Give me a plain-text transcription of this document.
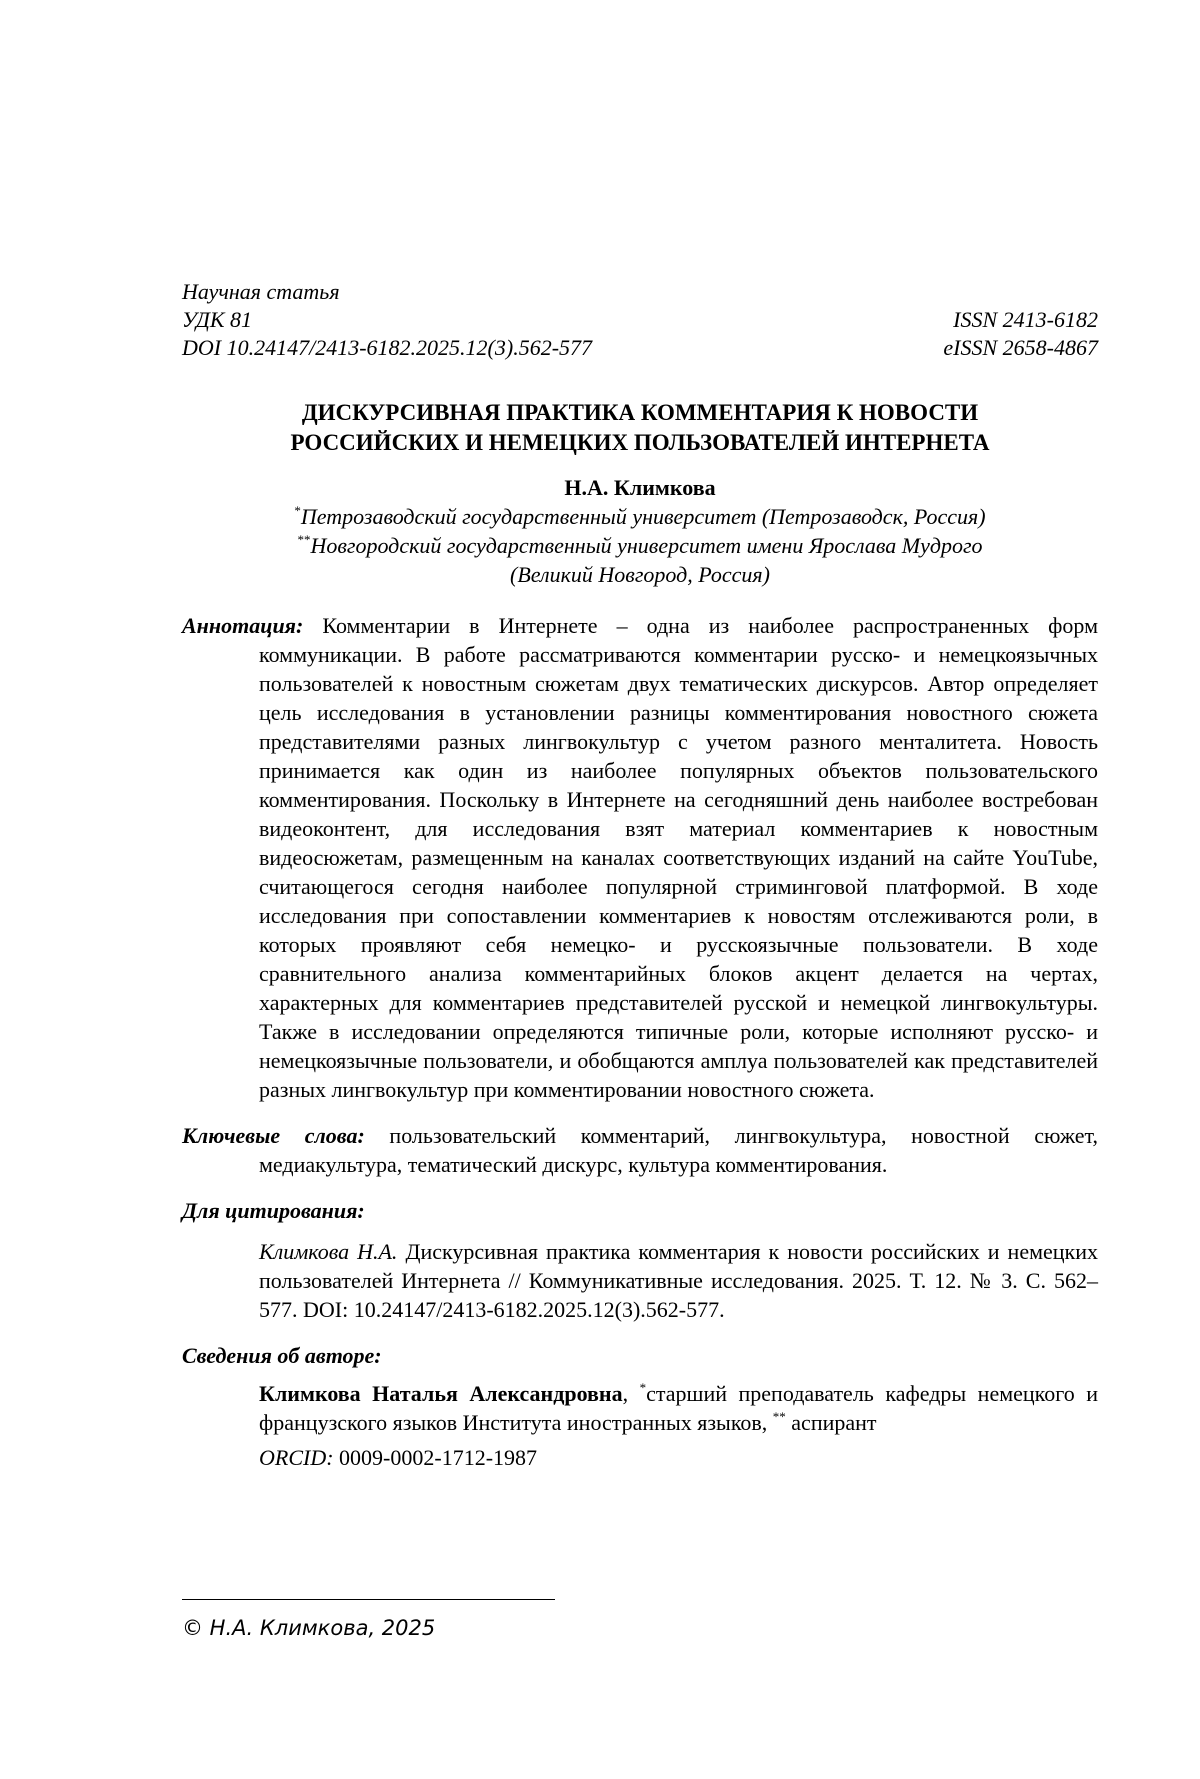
Научная статья
УДК 81	ISSN 2413-6182
DOI 10.24147/2413-6182.2025.12(3).562-577	eISSN 2658-4867
ДИСКУРСИВНАЯ ПРАКТИКА КОММЕНТАРИЯ К НОВОСТИ
РОССИЙСКИХ И НЕМЕЦКИХ ПОЛЬЗОВАТЕЛЕЙ ИНТЕРНЕТА
Н.А. Климкова
*Петрозаводский государственный университет (Петрозаводск, Россия)
**Новгородский государственный университет имени Ярослава Мудрого
(Великий Новгород, Россия)
Аннотация: Комментарии в Интернете – одна из наиболее распространенных форм коммуникации. В работе рассматриваются комментарии русско- и немецкоязычных пользователей к новостным сюжетам двух тематических дискурсов. Автор определяет цель исследования в установлении разницы комментирования новостного сюжета представителями разных лингвокультур с учетом разного менталитета. Новость принимается как один из наиболее популярных объектов пользовательского комментирования. Поскольку в Интернете на сегодняшний день наиболее востребован видеоконтент, для исследования взят материал комментариев к новостным видеосюжетам, размещенным на каналах соответствующих изданий на сайте YouTube, считающегося сегодня наиболее популярной стриминговой платформой. В ходе исследования при сопоставлении комментариев к новостям отслеживаются роли, в которых проявляют себя немецко- и русскоязычные пользователи. В ходе сравнительного анализа комментарийных блоков акцент делается на чертах, характерных для комментариев представителей русской и немецкой лингвокультуры. Также в исследовании определяются типичные роли, которые исполняют русско- и немецкоязычные пользователи, и обобщаются амплуа пользователей как представителей разных лингвокультур при комментировании новостного сюжета.
Ключевые слова: пользовательский комментарий, лингвокультура, новостной сюжет, медиакультура, тематический дискурс, культура комментирования.
Для цитирования:
Климкова Н.А. Дискурсивная практика комментария к новости российских и немецких пользователей Интернета // Коммуникативные исследования. 2025. Т. 12. № 3. С. 562–577. DOI: 10.24147/2413-6182.2025.12(3).562-577.
Сведения об авторе:
Климкова Наталья Александровна, *старший преподаватель кафедры немецкого и французского языков Института иностранных языков, ** аспирант
ORCID: 0009-0002-1712-1987
© Н.А. Климкова, 2025
